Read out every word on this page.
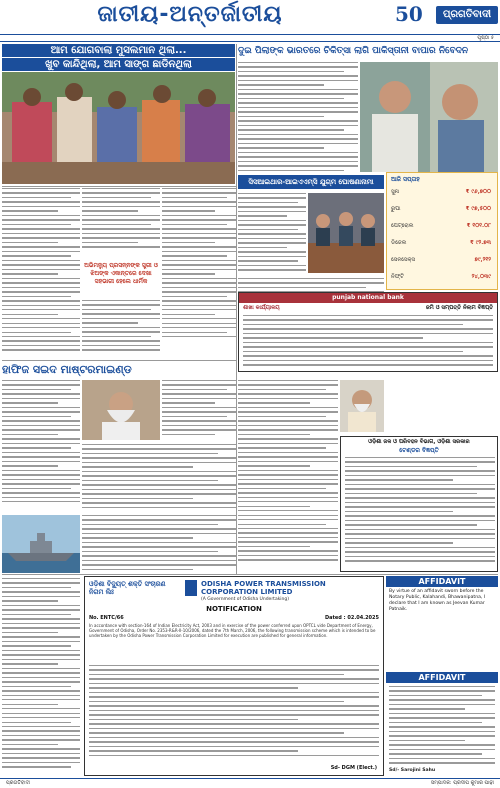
ଜାତୀୟ-ଅନ୍ତର୍ଜାତୀୟ	50	ପ୍ରଗତିବାଦୀ
ପୃଷ୍ଠା ୫
ଆମ ଯୋଗବାଲା ମୁସଲମାନ ଥିଲା...
ଖୁବ କାନ୍ଦିଥିଲା, ଆମ ସାଙ୍ଗ ଛାଡିନଥିଲା
ଦୁଇ ପିଲାଙ୍କ ଭାରତରେ ଚିକିତ୍ସା ଲାଗି ପାକିସ୍ତାନୀ ବାପାର ନିବେଦନ
ଅଭିମନ୍ୟୁ ପ୍ରସନ୍ନଙ୍କ ସ୍ତ୍ରୀ ଓ ଝିଅଙ୍କ ଏକାନ୍ତରେ ଦେଖା ସହଭାଗୀ ହେଲେ ଧାର୍ମିକ
ସିସଆଇଥାର-ଆଇଏଏମ୍‌ସି ଯୁଗ୍ମ ଘୋଷଣାନାମା	ଆଜି ସପ୍ତାହ
ସୁନା	₹ ୯୬,୭୦୦
ରୁପା	₹ ୯୭,୫୦୦
ପେଟ୍ରୋଲ	₹ ୧୦୧.୦୮
ଡିଜେଲ	₹ ୯୨.୭୩
ସେନସେକ୍ସ	୭୯,୨୧୨
ନିଫ୍ଟି	୨୪,୦୩୯
ହାଫିଜ ସଇଦ ମାଷ୍ଟରମାଇଣ୍ଡ
punjab national bank
ଶାଖା କାର୍ଯ୍ୟାଳୟ	ଜମି ଓ ସମ୍ପତ୍ତି ନିଲାମ ବିଜ୍ଞପ୍ତି
ଓଡ଼ିଶା ଜଳ ଓ ପରିବହନ ବିଭାଗ, ଓଡ଼ିଶା ସରକାର
ଟେଣ୍ଡର ବିଜ୍ଞପ୍ତି
ଓଡ଼ିଶା ବିଦ୍ୟୁତ୍ ଶକ୍ତି ସଂଚାରଣ ନିଗମ ଲିଃ
ODISHA POWER TRANSMISSION CORPORATION LIMITED
(A Government of Odisha Undertaking)
NOTIFICATION
No. ENTC/66	Dated : 02.04.2025
In accordance with section-164 of Indian Electricity Act, 2003 and in exercise of the power conferred upon OPTCL vide Department of Energy, Government of Odisha, Order No. 2353-R&R-II-10/2006, dated the 7th March, 2006, the following transmission scheme which is intended to be undertaken by the Odisha Power Transmission Corporation Limited for execution are published for general information.
Sd- DGM (Elect.)
AFFIDAVIT
By virtue of an affidavit sworn before the Notary Public, Kalahandi, Bhawanipatna, I declare that I am known as Jeevan Kumar Patnaik.
AFFIDAVIT
Sd/- Sarojini Sahu
ପ୍ରଗତିବାଦୀ	ସମ୍ପାଦକ: ପ୍ରଦୀପ କୁମାର ପାଢ଼ୀ
